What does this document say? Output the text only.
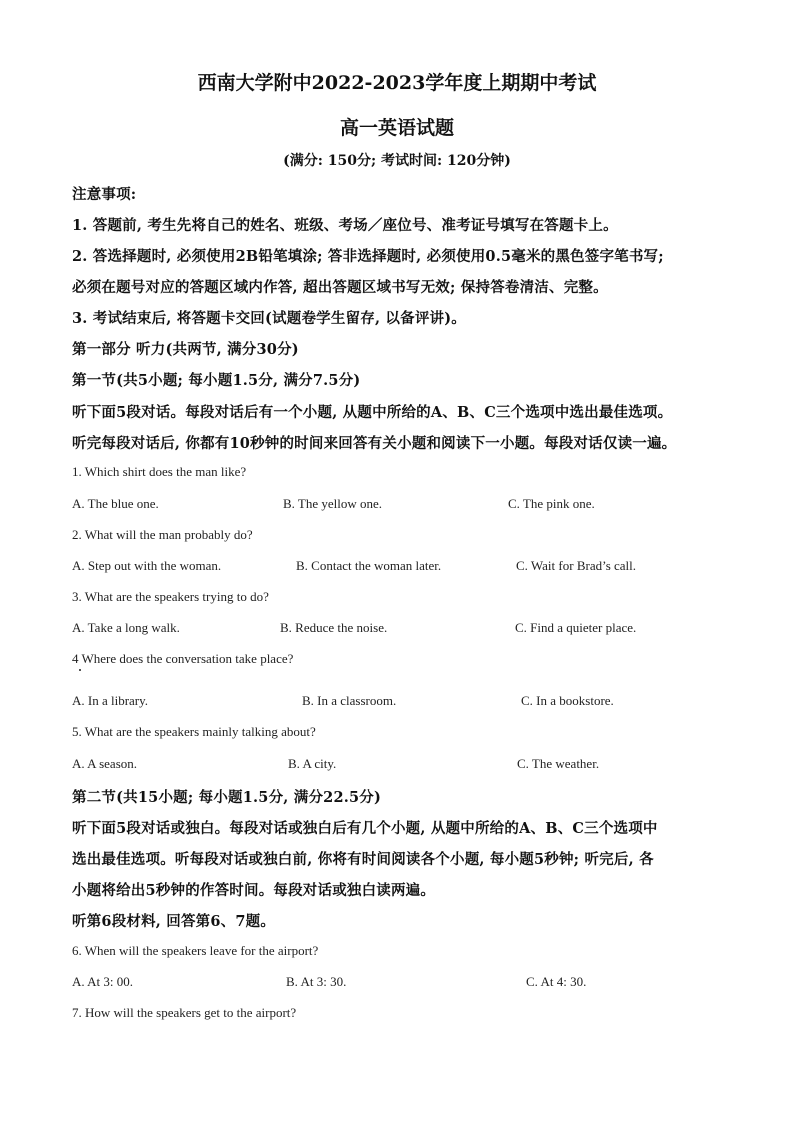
西南大学附中2022-2023学年度上期期中考试
高一英语试题
(满分: 150分; 考试时间: 120分钟)
注意事项:
1. 答题前, 考生先将自己的姓名、班级、考场／座位号、准考证号填写在答题卡上。
2. 答选择题时, 必须使用2B铅笔填涂; 答非选择题时, 必须使用0.5毫米的黑色签字笔书写;
必须在题号对应的答题区域内作答, 超出答题区域书写无效; 保持答卷清洁、完整。
3. 考试结束后, 将答题卡交回(试题卷学生留存, 以备评讲)。
第一部分 听力(共两节, 满分30分)
第一节(共5小题; 每小题1.5分, 满分7.5分)
听下面5段对话。每段对话后有一个小题, 从题中所给的A、B、C三个选项中选出最佳选项。
听完每段对话后, 你都有10秒钟的时间来回答有关小题和阅读下一小题。每段对话仅读一遍。
1. Which shirt does the man like?
A. The blue one.	B. The yellow one.	C. The pink one.
2. What will the man probably do?
A. Step out with the woman.	B. Contact the woman later.	C. Wait for Brad’s call.
3. What are the speakers trying to do?
A. Take a long walk.	B. Reduce the noise.	C. Find a quieter place.
4 Where does the conversation take place?
A. In a library.	B. In a classroom.	C. In a bookstore.
5. What are the speakers mainly talking about?
A. A season.	B. A city.	C. The weather.
第二节(共15小题; 每小题1.5分, 满分22.5分)
听下面5段对话或独白。每段对话或独白后有几个小题, 从题中所给的A、B、C三个选项中
选出最佳选项。听每段对话或独白前, 你将有时间阅读各个小题, 每小题5秒钟; 听完后, 各
小题将给出5秒钟的作答时间。每段对话或独白读两遍。
听第6段材料, 回答第6、7题。
6. When will the speakers leave for the airport?
A. At 3: 00.	B. At 3: 30.	C. At 4: 30.
7. How will the speakers get to the airport?
